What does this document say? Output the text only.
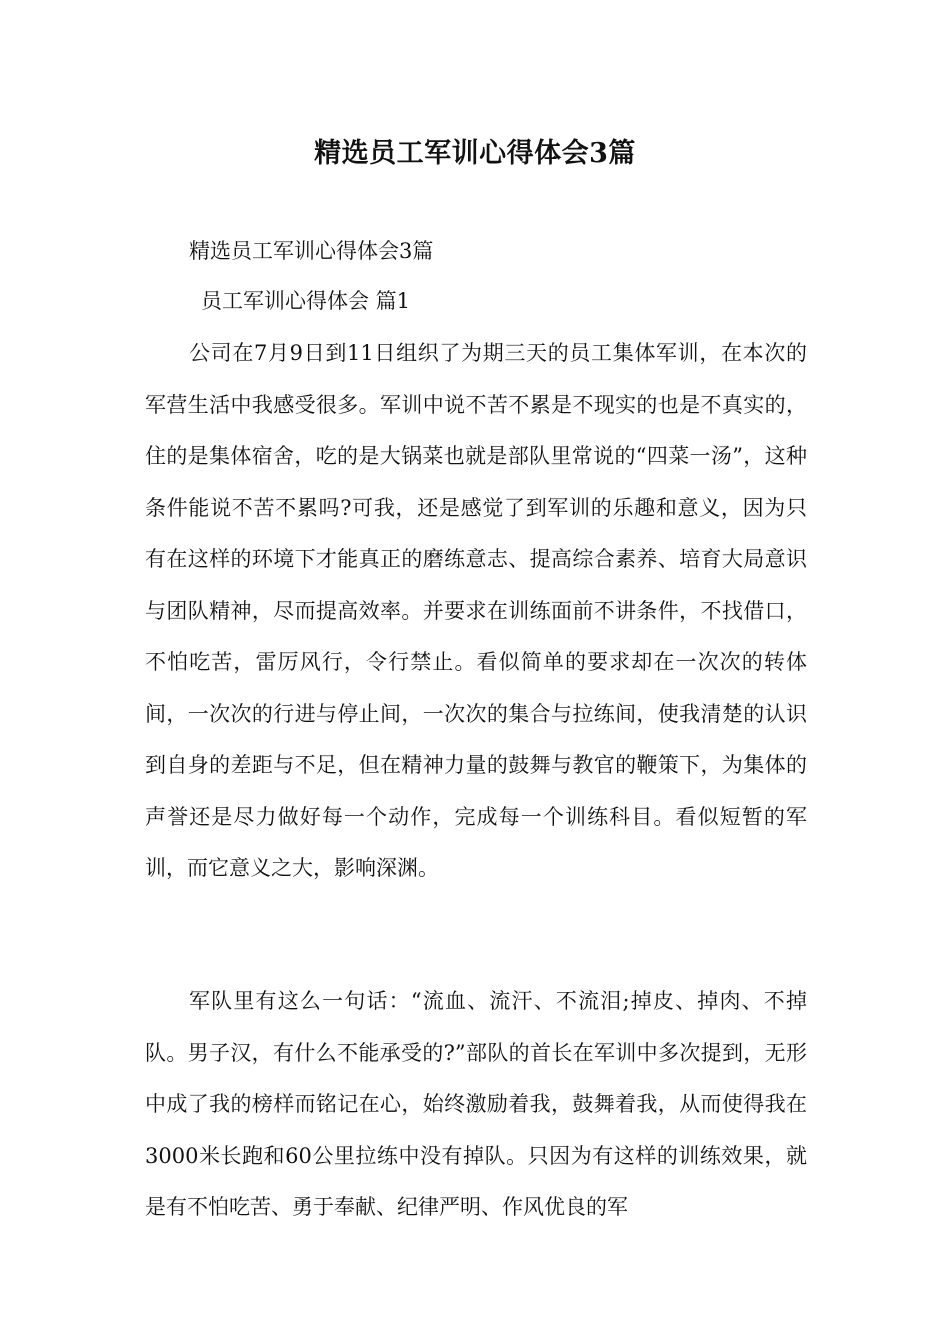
精选员工军训心得体会3篇

精选员工军训心得体会3篇

员工军训心得体会 篇1

公司在7月9日到11日组织了为期三天的员工集体军训，在本次的军营生活中我感受很多。军训中说不苦不累是不现实的也是不真实的，住的是集体宿舍，吃的是大锅菜也就是部队里常说的“四菜一汤”，这种条件能说不苦不累吗?可我，还是感觉了到军训的乐趣和意义，因为只有在这样的环境下才能真正的磨练意志、提高综合素养、培育大局意识与团队精神，尽而提高效率。并要求在训练面前不讲条件，不找借口，不怕吃苦，雷厉风行，令行禁止。看似简单的要求却在一次次的转体间，一次次的行进与停止间，一次次的集合与拉练间，使我清楚的认识到自身的差距与不足，但在精神力量的鼓舞与教官的鞭策下，为集体的声誉还是尽力做好每一个动作，完成每一个训练科目。看似短暂的军训，而它意义之大，影响深渊。

军队里有这么一句话：“流血、流汗、不流泪;掉皮、掉肉、不掉队。男子汉，有什么不能承受的?”部队的首长在军训中多次提到，无形中成了我的榜样而铭记在心，始终激励着我，鼓舞着我，从而使得我在3000米长跑和60公里拉练中没有掉队。只因为有这样的训练效果，就是有不怕吃苦、勇于奉献、纪律严明、作风优良的军
